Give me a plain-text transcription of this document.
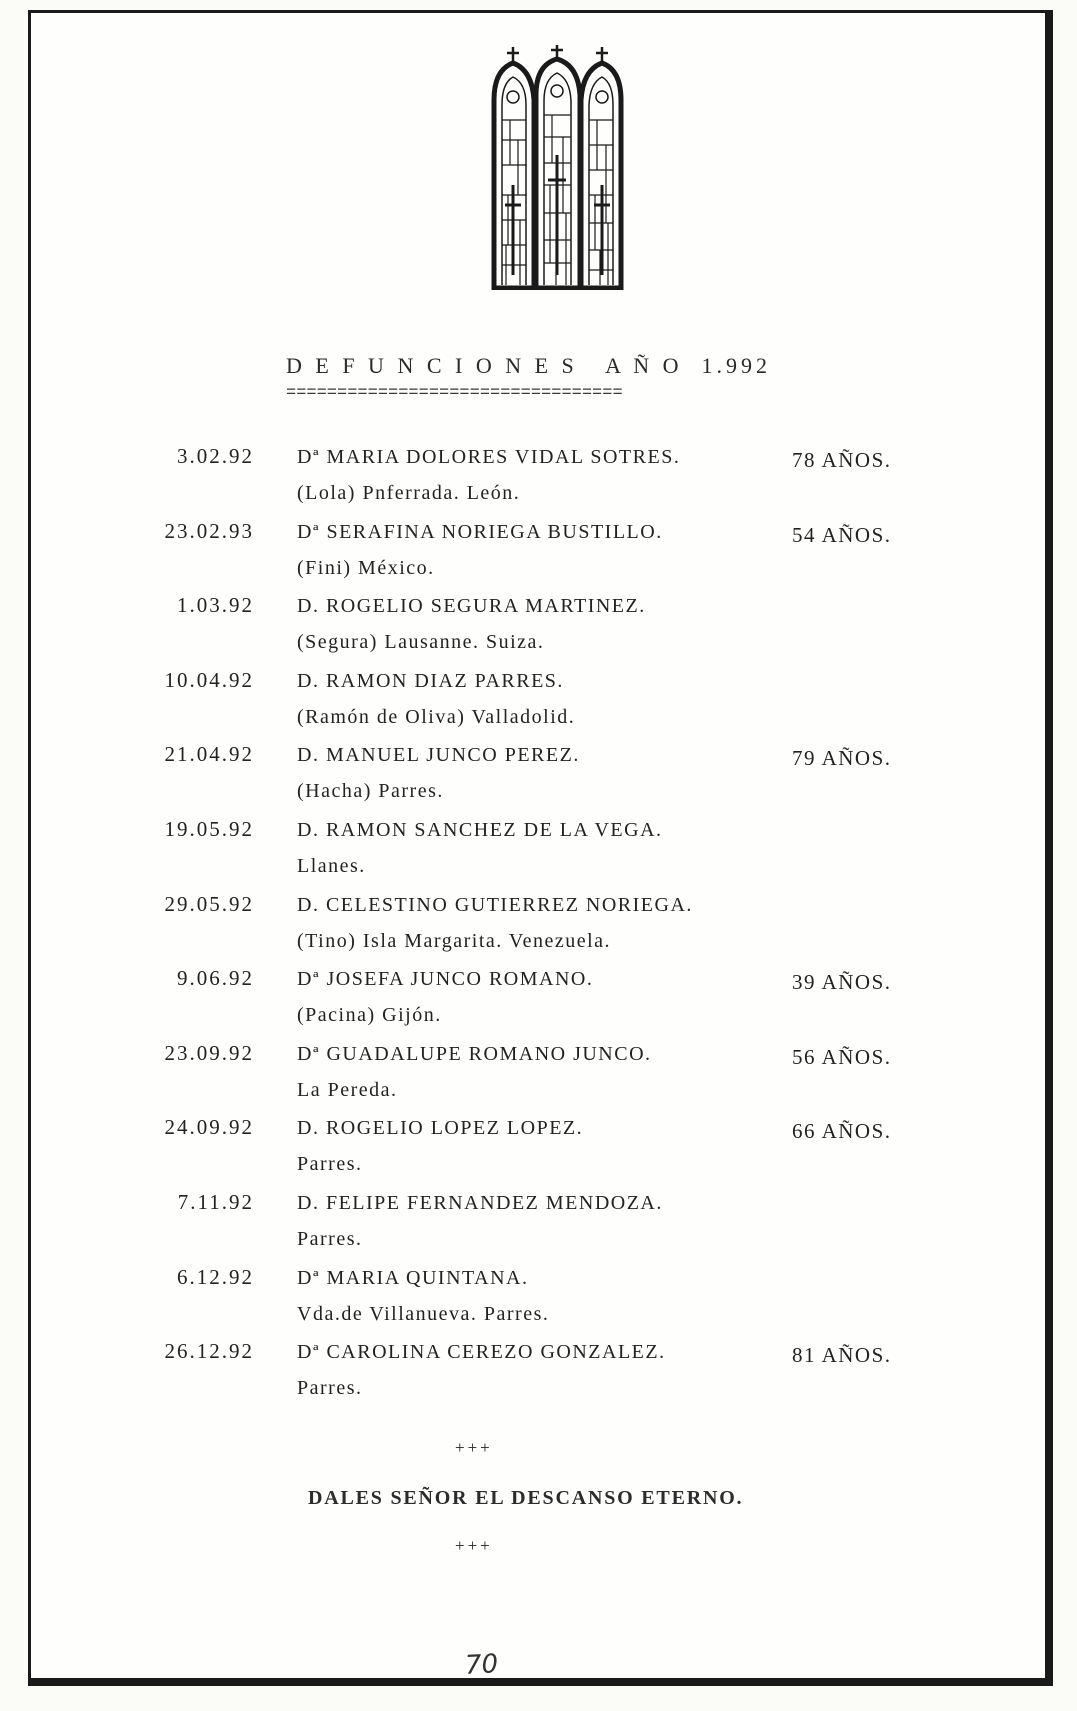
D E F U N C I O N E S   A Ñ O  1.992
=================================
3.02.92 Dª MARIA DOLORES VIDAL SOTRES.
(Lola) Pnferrada. León.
78 AÑOS.
23.02.93 Dª SERAFINA NORIEGA BUSTILLO.
(Fini) México.
54 AÑOS.
1.03.92 D. ROGELIO SEGURA MARTINEZ.
(Segura) Lausanne. Suiza.
10.04.92 D. RAMON DIAZ PARRES.
(Ramón de Oliva) Valladolid.
21.04.92 D. MANUEL JUNCO PEREZ.
(Hacha) Parres.
79 AÑOS.
19.05.92 D. RAMON SANCHEZ DE LA VEGA.
Llanes.
29.05.92 D. CELESTINO GUTIERREZ NORIEGA.
(Tino) Isla Margarita. Venezuela.
9.06.92 Dª JOSEFA JUNCO ROMANO.
(Pacina) Gijón.
39 AÑOS.
23.09.92 Dª GUADALUPE ROMANO JUNCO.
La Pereda.
56 AÑOS.
24.09.92 D. ROGELIO LOPEZ LOPEZ.
Parres.
66 AÑOS.
7.11.92 D. FELIPE FERNANDEZ MENDOZA.
Parres.
6.12.92 Dª MARIA QUINTANA.
Vda.de Villanueva. Parres.
26.12.92 Dª CAROLINA CEREZO GONZALEZ.
Parres.
81 AÑOS.
+++
DALES SEÑOR EL DESCANSO ETERNO.
+++
70
